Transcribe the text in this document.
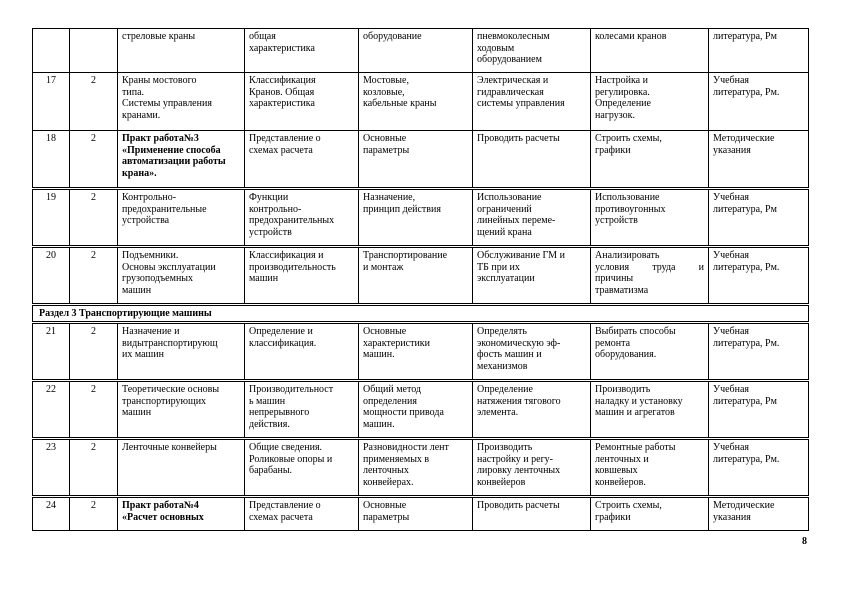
		стреловые краны	общая
характеристика	оборудование	пневмоколесным
ходовым
оборудованием	колесами кранов	литература, Рм

17	2	Краны мостового
типа.
Системы управления
кранами.	Классификация
Кранов. Общая
характеристика	Мостовые,
козловые,
кабельные краны	Электрическая и
гидравлическая
системы управления	Настройка и
регулировка.
Определение
нагрузок.	Учебная
литература, Рм.

18	2	Практ работа№3
«Применение способа
автоматизации работы
крана».	Представление о
схемах расчета	Основные
параметры	Проводить расчеты	Строить схемы,
графики	Методические
указания

19	2	Контрольно-
предохранительные
устройства	Функции
контрольно-
предохранительных
устройств	Назначение,
принцип действия	Использование
ограничений
линейных переме-
щений крана	Использование
противоугонных
устройств	Учебная
литература, Рм

20	2	Подъемники.
Основы эксплуатации
грузоподъемных
машин	Классификация и
производительность
машин	Транспортирование
и монтаж	Обслуживание ГМ и
ТБ при их
эксплуатации	Анализировать
условия труда и
причины
травматизма	Учебная
литература, Рм.

Раздел 3 Транспортирующие машины							
21	2	Назначение и
видытранспортирующ
их машин	Определение и
классификация.	Основные
характеристики
машин.	Определять
экономическую эф-
фость машин и
механизмов	Выбирать способы
ремонта
оборудования.	Учебная
литература, Рм.

22	2	Теоретические основы
транспортирующих
машин	Производительност
ь машин
непрерывного
действия.	Общий метод
определения
мощности привода
машин.	Определение
натяжения тягового
элемента.	Производить
наладку и установку
машин и агрегатов	Учебная
литература, Рм

23	2	Ленточные конвейеры	Общие сведения.
Роликовые опоры и
барабаны.	Разновидности лент
применяемых в
ленточных
конвейерах.	Производить
настройку и регу-
лировку ленточных
конвейеров	Ремонтные работы
ленточных и
ковшевых
конвейеров.	Учебная
литература, Рм.

24	2	Практ работа№4
«Расчет основных	Представление о
схемах расчета	Основные
параметры	Проводить расчеты	Строить схемы,
графики	Методические
указания
8
